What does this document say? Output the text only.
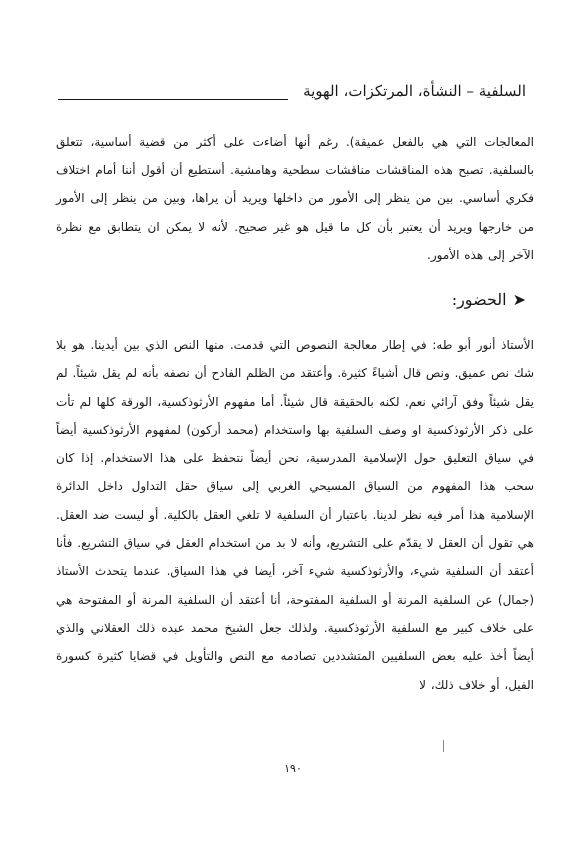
السلفية – النشأة، المرتكزات، الهوية

المعالجات التي هي بالفعل عميقة). رغم أنها أضاءت على أكثر من قضية أساسية، تتعلق بالسلفية. تصبح هذه المناقشات مناقشات سطحية وهامشية. أستطيع أن أقول أننا أمام اختلاف فكري أساسي. بين من ينظر إلى الأمور من داخلها ويريد أن يراها، وبين من ينظر إلى الأمور من خارجها ويريد أن يعتبر بأن كل ما قيل هو غير صحيح. لأنه لا يمكن ان يتطابق مع نظرة الآخر إلى هذه الأمور.

➤الحضور:

الأستاذ أنور أبو طه: في إطار معالجة النصوص التي قدمت. منها النص الذي بين أيدينا. هو بلا شك نص عميق. ونص قال أشياءً كثيرة. وأعتقد من الظلم الفادح أن نصفه بأنه لم يقل شيئاً. لم يقل شيئاً وفق آرائي نعم. لكنه بالحقيقة قال شيئاً. أما مفهوم الأرثوذكسية، الورقة كلها لم تأت على ذكر الأرثوذكسية او وصف السلفية بها واستخدام (محمد أركون) لمفهوم الأرثوذكسية أيضاً في سياق التعليق حول الإسلامية المدرسية، نحن أيضاً نتحفظ على هذا الاستخدام. إذا كان سحب هذا المفهوم من السياق المسيحي الغربي إلى سياق حقل التداول داخل الدائرة الإسلامية هذا أمر فيه نظر لدينا. باعتبار أن السلفية لا تلغي العقل بالكلية. أو ليست ضد العقل. هي تقول أن العقل لا يقدّم على التشريع، وأنه لا بد من استخدام العقل في سياق التشريع. فأنا أعتقد أن السلفية شيء، والأرثوذكسية شيء آخر، أيضا في هذا السياق. عندما يتحدث الأستاذ (جمال) عن السلفية المرنة أو السلفية المفتوحة، أنا أعتقد أن السلفية المرنة أو المفتوحة هي على خلاف كبير مع السلفية الأرثوذكسية. ولذلك جعل الشيخ محمد عبده ذلك العقلاني والذي أيضاً أخذ عليه بعض السلفيين المتشددين تصادمه مع النص والتأويل في قضايا كثيرة كسورة الفيل، أو خلاف ذلك، لا

١٩٠
